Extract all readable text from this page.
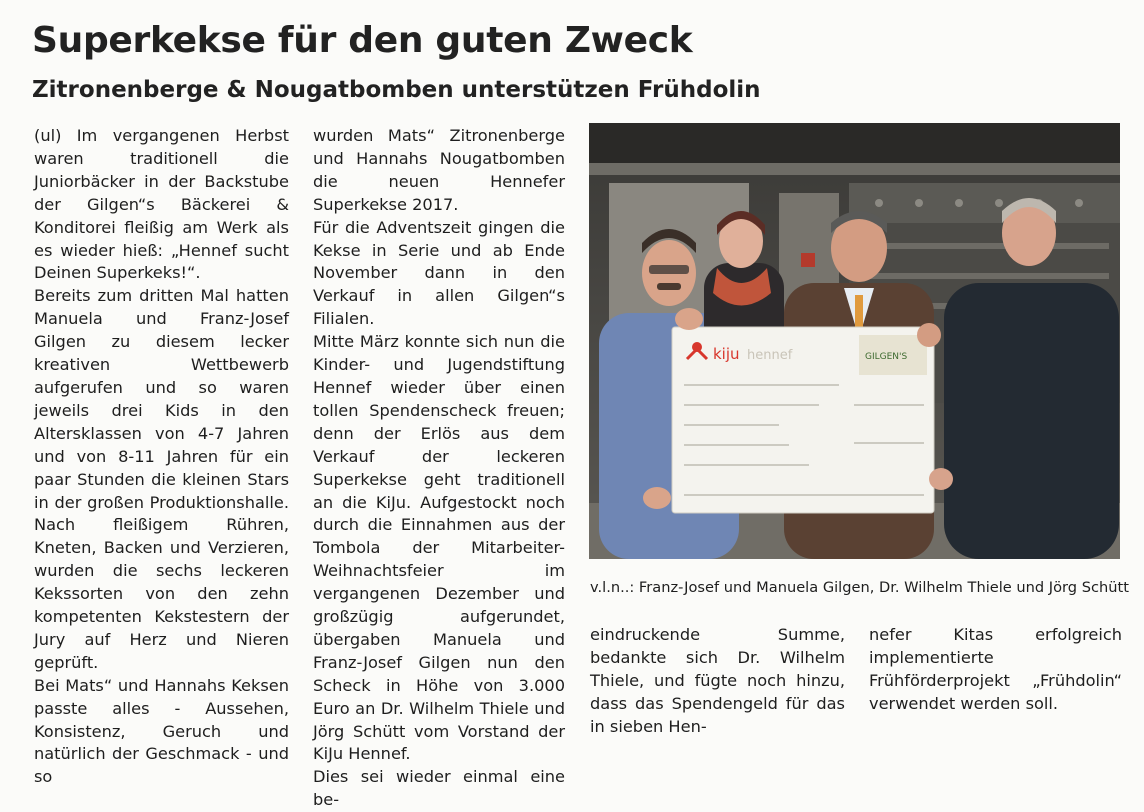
Superkekse für den guten Zweck
Zitronenberge & Nougatbomben unterstützen Frühdolin

(ul) Im vergangenen Herbst waren traditionell die Juniorbäcker in der Backstube der Gilgen“s Bäckerei & Konditorei fleißig am Werk als es wieder hieß: „Hennef sucht Deinen Superkeks!“.

Bereits zum dritten Mal hatten Manuela und Franz-Josef Gilgen zu diesem lecker kreativen Wettbewerb aufgerufen und so waren jeweils drei Kids in den Altersklassen von 4-7 Jahren und von 8-11 Jahren für ein paar Stunden die kleinen Stars in der großen Produktionshalle. Nach fleißigem Rühren, Kneten, Backen und Verzieren, wurden die sechs leckeren Kekssorten von den zehn kompetenten Kekstestern der Jury auf Herz und Nieren geprüft.

Bei Mats“ und Hannahs Keksen passte alles - Aussehen, Konsistenz, Geruch und natürlich der Geschmack - und so

wurden Mats“ Zitronenberge und Hannahs Nougatbomben die neuen Hennefer Superkekse 2017.

Für die Adventszeit gingen die Kekse in Serie und ab Ende November dann in den Verkauf in allen Gilgen“s Filialen.

Mitte März konnte sich nun die Kinder- und Jugendstiftung Hennef wieder über einen tollen Spendenscheck freuen; denn der Erlös aus dem Verkauf der leckeren Superkekse geht traditionell an die KiJu. Aufgestockt noch durch die Einnahmen aus der Tombola der Mitarbeiter-Weihnachtsfeier im vergangenen Dezember und großzügig aufgerundet, übergaben Manuela und Franz-Josef Gilgen nun den Scheck in Höhe von 3.000 Euro an Dr. Wilhelm Thiele und Jörg Schütt vom Vorstand der KiJu Hennef.

Dies sei wieder einmal eine be-

kiju hennef	GILGEN'S
v.l.n..: Franz-Josef und Manuela Gilgen, Dr. Wilhelm Thiele und Jörg Schütt

eindruckende Summe, bedankte sich Dr. Wilhelm Thiele, und fügte noch hinzu, dass das Spendengeld für das in sieben Hen-

nefer Kitas erfolgreich implementierte Frühförderprojekt „Frühdolin“ verwendet werden soll.
